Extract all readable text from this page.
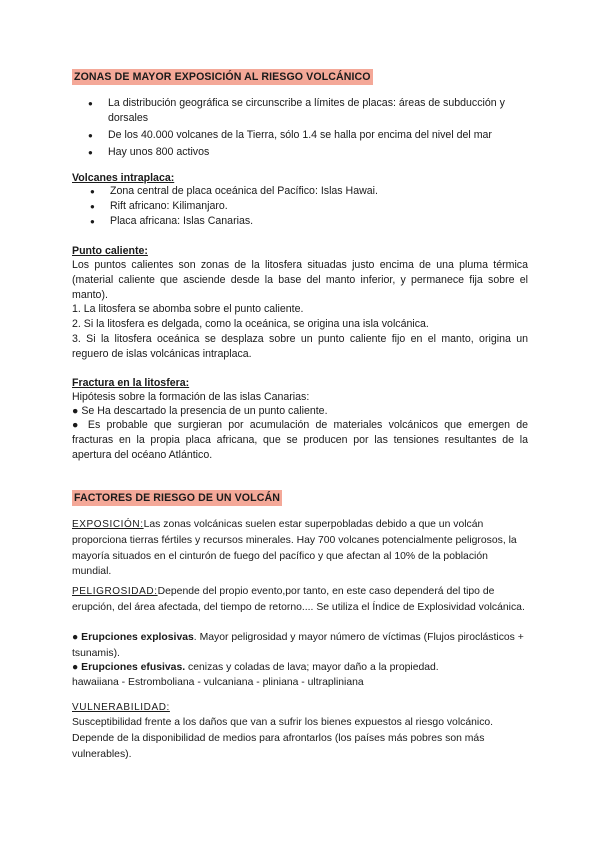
ZONAS DE MAYOR EXPOSICIÓN AL RIESGO VOLCÁNICO
● La distribución geográfica se circunscribe a límites de placas: áreas de subducción y dorsales
● De los 40.000 volcanes de la Tierra, sólo 1.4 se halla por encima del nivel del mar
● Hay unos 800 activos
Volcanes intraplaca:
● Zona central de placa oceánica del Pacífico: Islas Hawai.
● Rift africano: Kilimanjaro.
● Placa africana: Islas Canarias.
Punto caliente:
Los puntos calientes son zonas de la litosfera situadas justo encima de una pluma térmica (material caliente que asciende desde la base del manto inferior, y permanece fija sobre el manto).
1. La litosfera se abomba sobre el punto caliente.
2. Si la litosfera es delgada, como la oceánica, se origina una isla volcánica.
3. Si la litosfera oceánica se desplaza sobre un punto caliente fijo en el manto, origina un reguero de islas volcánicas intraplaca.
Fractura en la litosfera:
Hipótesis sobre la formación de las islas Canarias:
● Se Ha descartado la presencia de un punto caliente.
● Es probable que surgieran por acumulación de materiales volcánicos que emergen de fracturas en la propia placa africana, que se producen por las tensiones resultantes de la apertura del océano Atlántico.
FACTORES DE RIESGO DE UN VOLCÁN
EXPOSICIÓN:Las zonas volcánicas suelen estar superpobladas debido a que un volcán proporciona tierras fértiles y recursos minerales. Hay 700 volcanes potencialmente peligrosos, la mayoría situados en el cinturón de fuego del pacífico y que afectan al 10% de la población mundial.
PELIGROSIDAD:Depende del propio evento,por tanto, en este caso dependerá del tipo de erupción, del área afectada, del tiempo de retorno.... Se utiliza el Índice de Explosividad volcánica.
● Erupciones explosivas. Mayor peligrosidad y mayor número de víctimas (Flujos piroclásticos + tsunamis).
● Erupciones efusivas. cenizas y coladas de lava; mayor daño a la propiedad.
hawaiiana - Estromboliana - vulcaniana - pliniana - ultrapliniana
VULNERABILIDAD:
Susceptibilidad frente a los daños que van a sufrir los bienes expuestos al riesgo volcánico. Depende de la disponibilidad de medios para afrontarlos (los países más pobres son más vulnerables).
